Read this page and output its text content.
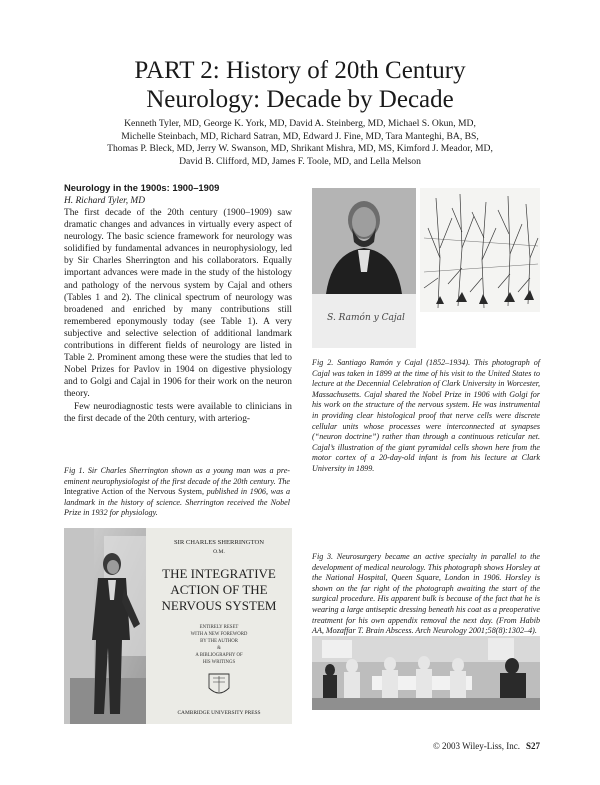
PART 2: History of 20th Century
Neurology: Decade by Decade
Kenneth Tyler, MD, George K. York, MD, David A. Steinberg, MD, Michael S. Okun, MD,
Michelle Steinbach, MD, Richard Satran, MD, Edward J. Fine, MD, Tara Manteghi, BA, BS,
Thomas P. Bleck, MD, Jerry W. Swanson, MD, Shrikant Mishra, MD, MS, Kimford J. Meador, MD,
David B. Clifford, MD, James F. Toole, MD, and Lella Melson
Neurology in the 1900s: 1900–1909
H. Richard Tyler, MD

The first decade of the 20th century (1900–1909) saw dramatic changes and advances in virtually every aspect of neurology. The basic science framework for neurology was solidified by fundamental advances in neurophysiology, led by Sir Charles Sherrington and his collaborators. Equally important advances were made in the study of the histology and pathology of the nervous system by Cajal and others (Tables 1 and 2). The clinical spectrum of neurology was broadened and enriched by many contributions still remembered eponymously today (see Table 1). A very subjective and selective selection of additional landmark contributions in different fields of neurology are listed in Table 2. Prominent among these were the studies that led to Nobel Prizes for Pavlov in 1904 on digestive physiology and to Golgi and Cajal in 1906 for their work on the neuron theory.

Few neurodiagnostic tests were available to clinicians in the first decade of the 20th century, with arteriog-

Fig 1. Sir Charles Sherrington shown as a young man was a pre-eminent neurophysiologist of the first decade of the 20th century. The Integrative Action of the Nervous System, published in 1906, was a landmark in the history of science. Sherrington received the Nobel Prize in 1932 for physiology.
SIR CHARLES SHERRINGTON
O.M.
THE INTEGRATIVE
ACTION OF THE
NERVOUS SYSTEM
ENTIRELY RESET
WITH A NEW FOREWORD
BY THE AUTHOR
&
A BIBLIOGRAPHY OF
HIS WRITINGS
CAMBRIDGE UNIVERSITY PRESS
S. Ramón y Cajal
Fig 2. Santiago Ramón y Cajal (1852–1934). This photograph of Cajal was taken in 1899 at the time of his visit to the United States to lecture at the Decennial Celebration of Clark University in Worcester, Massachusetts. Cajal shared the Nobel Prize in 1906 with Golgi for his work on the structure of the nervous system. He was instrumental in providing clear histological proof that nerve cells were discrete cellular units whose processes were interconnected at synapses (“neuron doctrine”) rather than through a continuous reticular net. Cajal’s illustration of the giant pyramidal cells shown here from the motor cortex of a 20-day-old infant is from his lecture at Clark University in 1899.
Fig 3. Neurosurgery became an active specialty in parallel to the development of medical neurology. This photograph shows Horsley at the National Hospital, Queen Square, London in 1906. Horsley is shown on the far right of the photograph awaiting the start of the surgical procedure. His apparent bulk is because of the fact that he is wearing a large antiseptic dressing beneath his coat as a preoperative treatment for his own appendix removal the next day. (From Habib AA, Mozaffar T. Brain Abscess. Arch Neurology 2001;58(8):1302–4).
© 2003 Wiley-Liss, Inc. S27
